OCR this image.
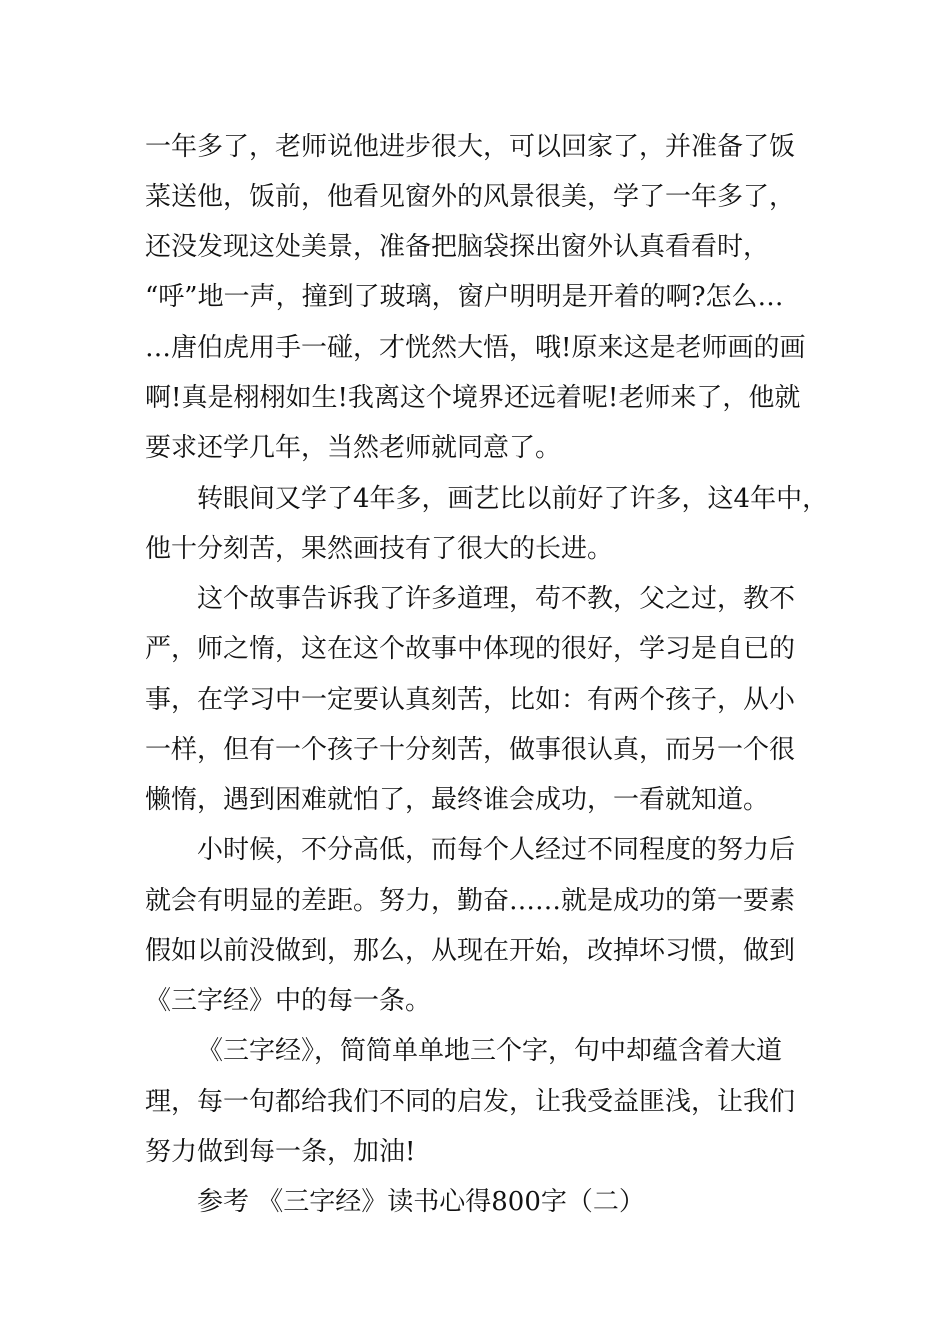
一年多了，老师说他进步很大，可以回家了，并准备了饭
菜送他，饭前，他看见窗外的风景很美，学了一年多了，
还没发现这处美景，准备把脑袋探出窗外认真看看时，
“呼”地一声，撞到了玻璃，窗户明明是开着的啊?怎么…
…唐伯虎用手一碰，才恍然大悟，哦!原来这是老师画的画
啊!真是栩栩如生!我离这个境界还远着呢!老师来了，他就
要求还学几年，当然老师就同意了。
转眼间又学了4年多，画艺比以前好了许多，这4年中，
他十分刻苦，果然画技有了很大的长进。
这个故事告诉我了许多道理，苟不教，父之过，教不
严，师之惰，这在这个故事中体现的很好，学习是自已的
事，在学习中一定要认真刻苦，比如：有两个孩子，从小
一样，但有一个孩子十分刻苦，做事很认真，而另一个很
懒惰，遇到困难就怕了，最终谁会成功，一看就知道。
小时候，不分高低，而每个人经过不同程度的努力后
就会有明显的差距。努力，勤奋……就是成功的第一要素
假如以前没做到，那么，从现在开始，改掉坏习惯，做到
《三字经》中的每一条。
《三字经》，简简单单地三个字，句中却蕴含着大道
理，每一句都给我们不同的启发，让我受益匪浅，让我们
努力做到每一条，加油!
参考 《三字经》读书心得800字（二）
